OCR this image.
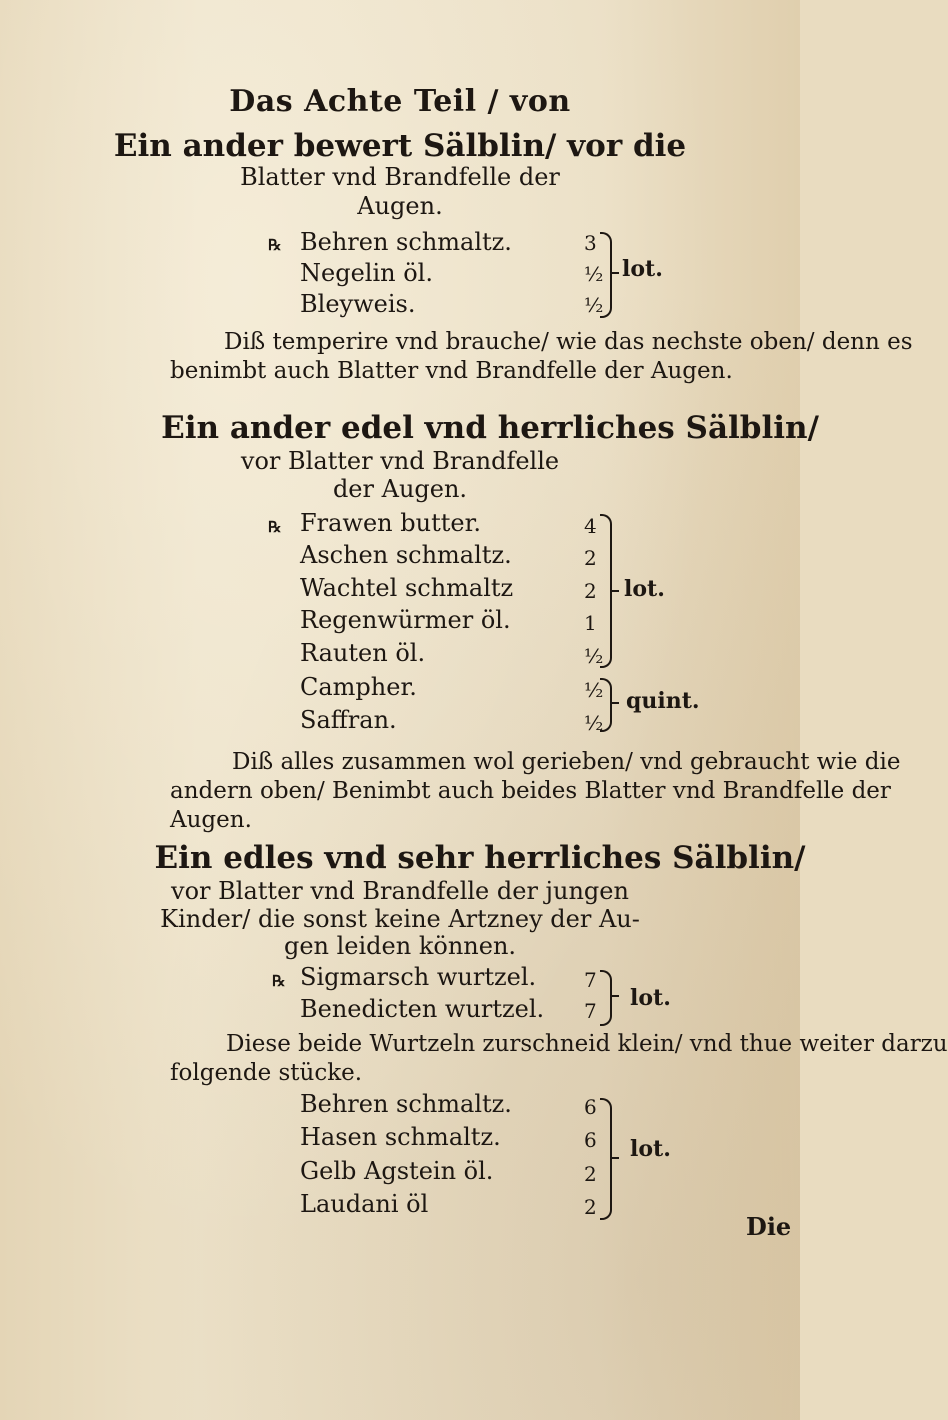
Das Achte Teil / von
Ein ander bewert Sälblin/ vor die
Blatter vnd Brandfelle der
Augen.
℞ Behren schmaltz.
Negelin öl.
Bleyweis.
3
½
½
lot.
Diß temperire vnd brauche/ wie das nechste oben/ denn es
benimbt auch Blatter vnd Brandfelle der Augen.
Ein ander edel vnd herrliches Sälblin/
vor Blatter vnd Brandfelle
der Augen.
℞ Frawen butter.
Aschen schmaltz.
Wachtel schmaltz
Regenwürmer öl.
Rauten öl.
Campher.
Saffran.
4
2
2
1
½
½
½
lot.
quint.
Diß alles zusammen wol gerieben/ vnd gebraucht wie die
andern oben/ Benimbt auch beides Blatter vnd Brandfelle der
Augen.
Ein edles vnd sehr herrliches Sälblin/
vor Blatter vnd Brandfelle der jungen
Kinder/ die sonst keine Artzney der Au-
gen leiden können.
℞ Sigmarsch wurtzel.
Benedicten wurtzel.
7
7 lot.
Diese beide Wurtzeln zurschneid klein/ vnd thue weiter darzu
folgende stücke.
Behren schmaltz.
Hasen schmaltz.
Gelb Agstein öl.
Laudani öl
6
6
2
2
lot.
Die
